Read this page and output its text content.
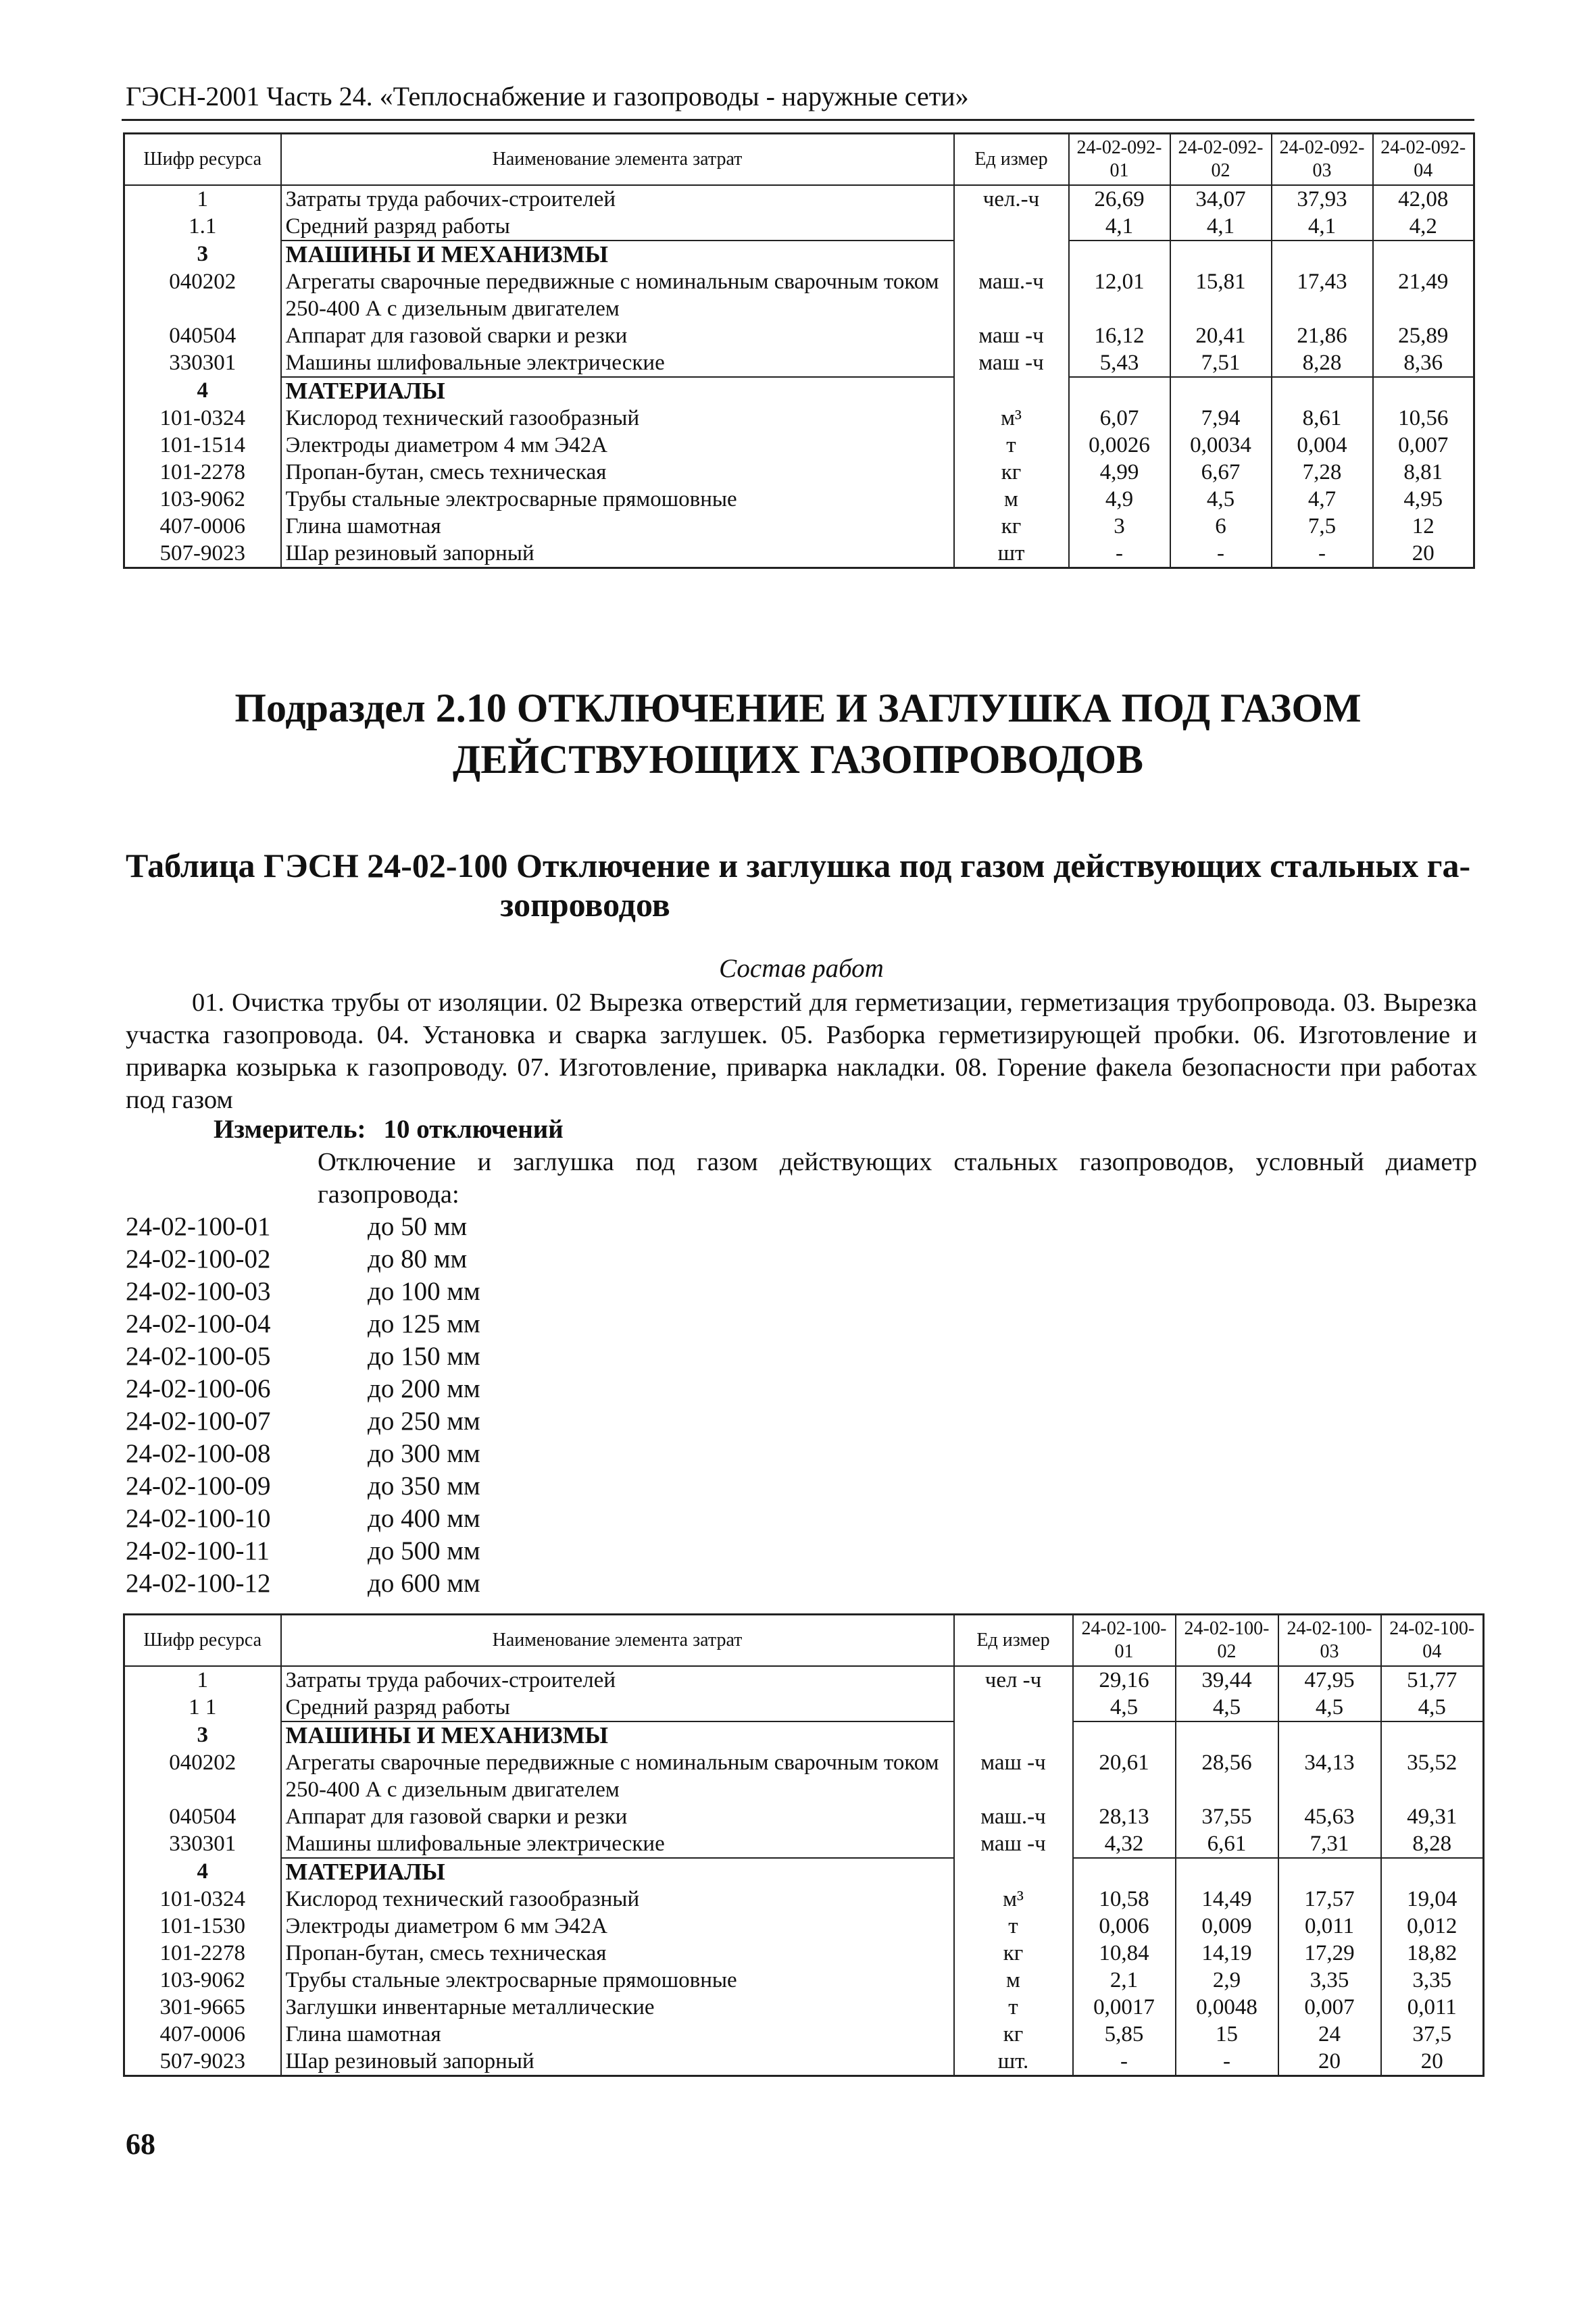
ГЭСН-2001 Часть 24. «Теплоснабжение и газопроводы - наружные сети»
Шифр ресурса	Наименование элемента затрат	Ед измер	24-02-092-01	24-02-092-02	24-02-092-03	24-02-092-04
1	Затраты труда рабочих-строителей	чел.-ч	26,69	34,07	37,93	42,08
1.1	Средний разряд работы		4,1	4,1	4,1	4,2
3	МАШИНЫ И МЕХАНИЗМЫ					
040202	Агрегаты сварочные передвижные с номинальным сварочным током 250-400 А с дизельным двигателем	маш.-ч	12,01	15,81	17,43	21,49
040504	Аппарат для газовой сварки и резки	маш -ч	16,12	20,41	21,86	25,89
330301	Машины шлифовальные электрические	маш -ч	5,43	7,51	8,28	8,36
4	МАТЕРИАЛЫ					
101-0324	Кислород технический газообразный	м³	6,07	7,94	8,61	10,56
101-1514	Электроды диаметром 4 мм Э42А	т	0,0026	0,0034	0,004	0,007
101-2278	Пропан-бутан, смесь техническая	кг	4,99	6,67	7,28	8,81
103-9062	Трубы стальные электросварные прямошовные	м	4,9	4,5	4,7	4,95
407-0006	Глина шамотная	кг	3	6	7,5	12
507-9023	Шар резиновый запорный	шт	-	-	-	20
Подраздел 2.10 ОТКЛЮЧЕНИЕ И ЗАГЛУШКА ПОД ГАЗОМ
ДЕЙСТВУЮЩИХ ГАЗОПРОВОДОВ
Таблица ГЭСН 24-02-100 Отключение и заглушка под газом действующих стальных га-
зопроводов
Состав работ
01. Очистка трубы от изоляции. 02 Вырезка отверстий для герметизации, герметизация трубопровода. 03. Вырезка участка газопровода. 04. Установка и сварка заглушек. 05. Разборка герметизирующей пробки. 06. Изготовление и приварка козырька к газопроводу. 07. Изготовление, приварка накладки. 08. Горение факела безопасности при работах под газом
Измеритель: 10 отключений
Отключение и заглушка под газом действующих стальных газопроводов, условный диаметр газопровода:
24-02-100-01	до 50 мм
24-02-100-02	до 80 мм
24-02-100-03	до 100 мм
24-02-100-04	до 125 мм
24-02-100-05	до 150 мм
24-02-100-06	до 200 мм
24-02-100-07	до 250 мм
24-02-100-08	до 300 мм
24-02-100-09	до 350 мм
24-02-100-10	до 400 мм
24-02-100-11	до 500 мм
24-02-100-12	до 600 мм
Шифр ресурса	Наименование элемента затрат	Ед измер	24-02-100-01	24-02-100-02	24-02-100-03	24-02-100-04
1	Затраты труда рабочих-строителей	чел -ч	29,16	39,44	47,95	51,77
1 1	Средний разряд работы		4,5	4,5	4,5	4,5
3	МАШИНЫ И МЕХАНИЗМЫ					
040202	Агрегаты сварочные передвижные с номинальным сварочным током 250-400 А с дизельным двигателем	маш -ч	20,61	28,56	34,13	35,52
040504	Аппарат для газовой сварки и резки	маш.-ч	28,13	37,55	45,63	49,31
330301	Машины шлифовальные электрические	маш -ч	4,32	6,61	7,31	8,28
4	МАТЕРИАЛЫ					
101-0324	Кислород технический газообразный	м³	10,58	14,49	17,57	19,04
101-1530	Электроды диаметром 6 мм Э42А	т	0,006	0,009	0,011	0,012
101-2278	Пропан-бутан, смесь техническая	кг	10,84	14,19	17,29	18,82
103-9062	Трубы стальные электросварные прямошовные	м	2,1	2,9	3,35	3,35
301-9665	Заглушки инвентарные металлические	т	0,0017	0,0048	0,007	0,011
407-0006	Глина шамотная	кг	5,85	15	24	37,5
507-9023	Шар резиновый запорный	шт.	-	-	20	20
68
